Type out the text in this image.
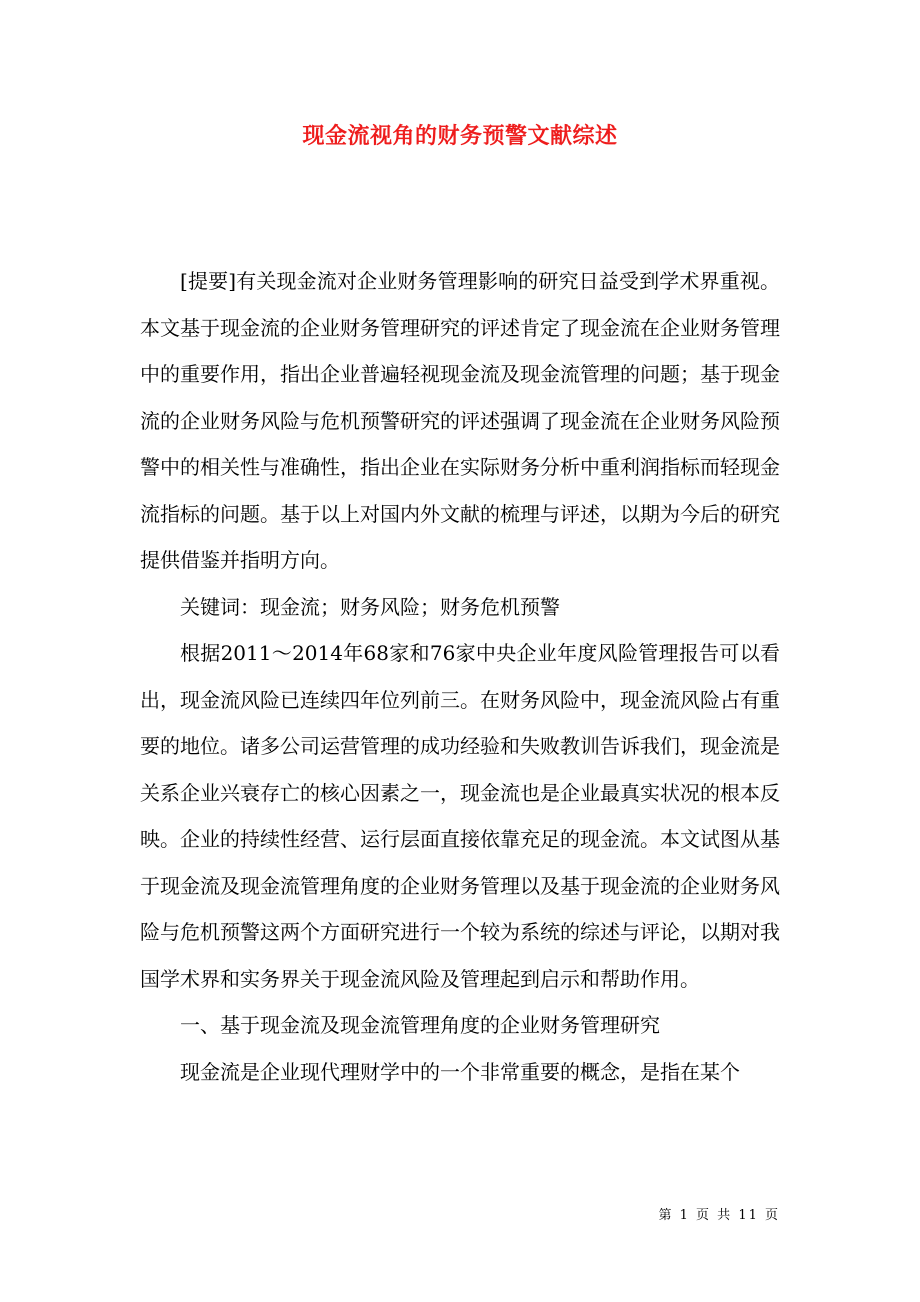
现金流视角的财务预警文献综述

[提要]有关现金流对企业财务管理影响的研究日益受到学术界重视。本文基于现金流的企业财务管理研究的评述肯定了现金流在企业财务管理中的重要作用，指出企业普遍轻视现金流及现金流管理的问题；基于现金流的企业财务风险与危机预警研究的评述强调了现金流在企业财务风险预警中的相关性与准确性，指出企业在实际财务分析中重利润指标而轻现金流指标的问题。基于以上对国内外文献的梳理与评述，以期为今后的研究提供借鉴并指明方向。

关键词：现金流；财务风险；财务危机预警

根据2011～2014年68家和76家中央企业年度风险管理报告可以看出，现金流风险已连续四年位列前三。在财务风险中，现金流风险占有重要的地位。诸多公司运营管理的成功经验和失败教训告诉我们，现金流是关系企业兴衰存亡的核心因素之一，现金流也是企业最真实状况的根本反映。企业的持续性经营、运行层面直接依靠充足的现金流。本文试图从基于现金流及现金流管理角度的企业财务管理以及基于现金流的企业财务风险与危机预警这两个方面研究进行一个较为系统的综述与评论，以期对我国学术界和实务界关于现金流风险及管理起到启示和帮助作用。

一、基于现金流及现金流管理角度的企业财务管理研究

现金流是企业现代理财学中的一个非常重要的概念，是指在某个

第 1 页 共 11 页
